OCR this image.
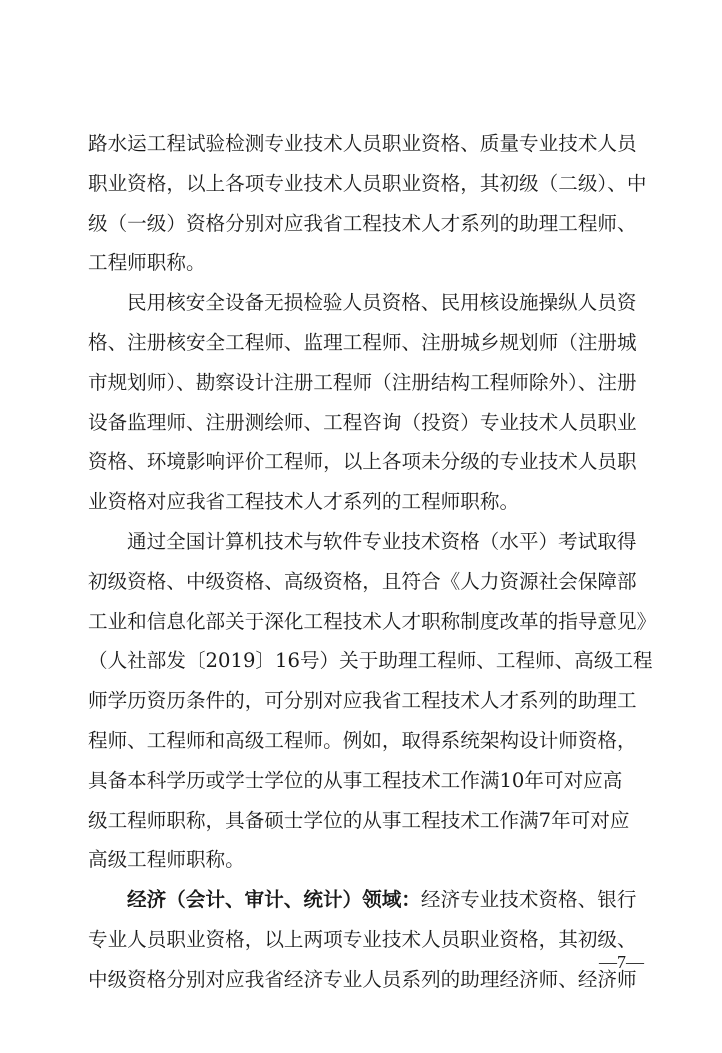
路水运工程试验检测专业技术人员职业资格、质量专业技术人员
职业资格，以上各项专业技术人员职业资格，其初级（二级）、中
级（一级）资格分别对应我省工程技术人才系列的助理工程师、
工程师职称。

民用核安全设备无损检验人员资格、民用核设施操纵人员资
格、注册核安全工程师、监理工程师、注册城乡规划师（注册城
市规划师）、勘察设计注册工程师（注册结构工程师除外）、注册
设备监理师、注册测绘师、工程咨询（投资）专业技术人员职业
资格、环境影响评价工程师，以上各项未分级的专业技术人员职
业资格对应我省工程技术人才系列的工程师职称。

通过全国计算机技术与软件专业技术资格（水平）考试取得
初级资格、中级资格、高级资格，且符合《人力资源社会保障部
工业和信息化部关于深化工程技术人才职称制度改革的指导意见》
（人社部发〔2019〕16号）关于助理工程师、工程师、高级工程
师学历资历条件的，可分别对应我省工程技术人才系列的助理工
程师、工程师和高级工程师。例如，取得系统架构设计师资格，
具备本科学历或学士学位的从事工程技术工作满10年可对应高
级工程师职称，具备硕士学位的从事工程技术工作满7年可对应
高级工程师职称。

经济（会计、审计、统计）领域：经济专业技术资格、银行
专业人员职业资格，以上两项专业技术人员职业资格，其初级、
中级资格分别对应我省经济专业人员系列的助理经济师、经济师

—7—
